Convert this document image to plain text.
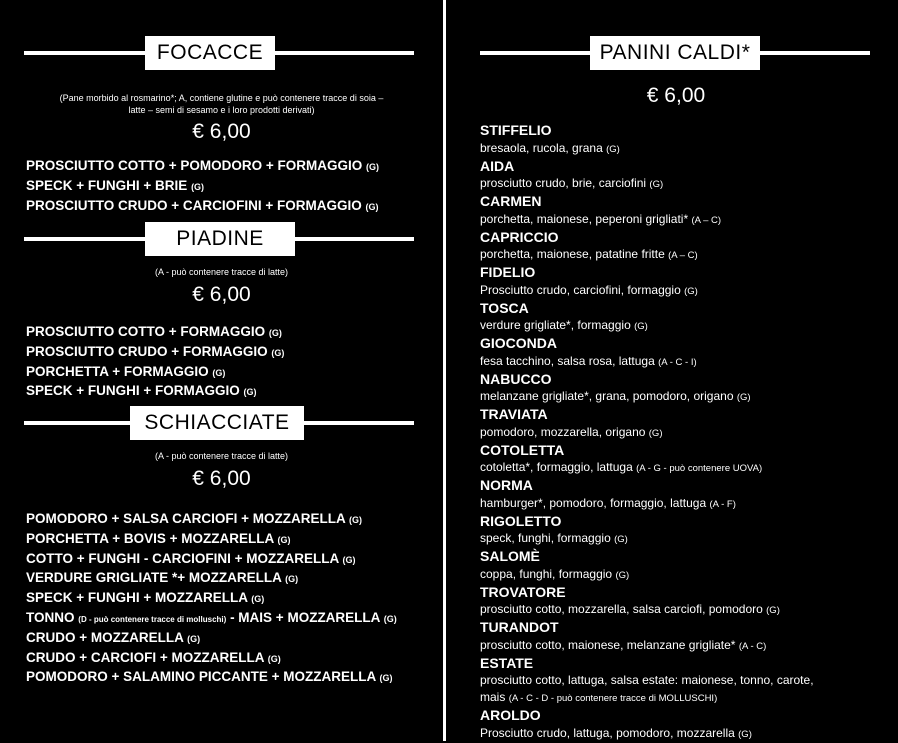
FOCACCE
(Pane morbido al rosmarino*; A, contiene glutine e può contenere tracce di soia –
latte – semi di sesamo e i loro prodotti derivati)
€ 6,00
PROSCIUTTO COTTO + POMODORO + FORMAGGIO (G)
SPECK + FUNGHI + BRIE (G)
PROSCIUTTO CRUDO + CARCIOFINI + FORMAGGIO (G)
PIADINE
(A - può contenere tracce di latte)
€ 6,00
PROSCIUTTO COTTO + FORMAGGIO (G)
PROSCIUTTO CRUDO + FORMAGGIO (G)
PORCHETTA + FORMAGGIO (G)
SPECK + FUNGHI + FORMAGGIO (G)
SCHIACCIATE
(A - può contenere tracce di latte)
€ 6,00
POMODORO + SALSA CARCIOFI + MOZZARELLA (G)
PORCHETTA + BOVIS + MOZZARELLA (G)
COTTO + FUNGHI - CARCIOFINI + MOZZARELLA (G)
VERDURE GRIGLIATE *+ MOZZARELLA (G)
SPECK + FUNGHI + MOZZARELLA (G)
TONNO (D - può contenere tracce di molluschi) - MAIS + MOZZARELLA (G)
CRUDO + MOZZARELLA (G)
CRUDO + CARCIOFI + MOZZARELLA (G)
POMODORO + SALAMINO PICCANTE + MOZZARELLA (G)
PANINI CALDI*
€ 6,00
STIFFELIO
bresaola, rucola, grana (G)
AIDA
prosciutto crudo, brie, carciofini (G)
CARMEN
porchetta, maionese, peperoni grigliati* (A – C)
CAPRICCIO
porchetta, maionese, patatine fritte (A – C)
FIDELIO
Prosciutto crudo, carciofini, formaggio (G)
TOSCA
verdure grigliate*, formaggio (G)
GIOCONDA
fesa tacchino, salsa rosa, lattuga (A - C - I)
NABUCCO
melanzane grigliate*, grana, pomodoro, origano (G)
TRAVIATA
pomodoro, mozzarella, origano (G)
COTOLETTA
cotoletta*, formaggio, lattuga (A - G - può contenere UOVA)
NORMA
hamburger*, pomodoro, formaggio, lattuga (A - F)
RIGOLETTO
speck, funghi, formaggio (G)
SALOMÈ
coppa, funghi, formaggio (G)
TROVATORE
prosciutto cotto, mozzarella, salsa carciofi, pomodoro (G)
TURANDOT
prosciutto cotto, maionese, melanzane grigliate* (A - C)
ESTATE
prosciutto cotto, lattuga, salsa estate: maionese, tonno, carote,
mais (A - C - D - può contenere tracce di MOLLUSCHI)
AROLDO
Prosciutto crudo, lattuga, pomodoro, mozzarella (G)
